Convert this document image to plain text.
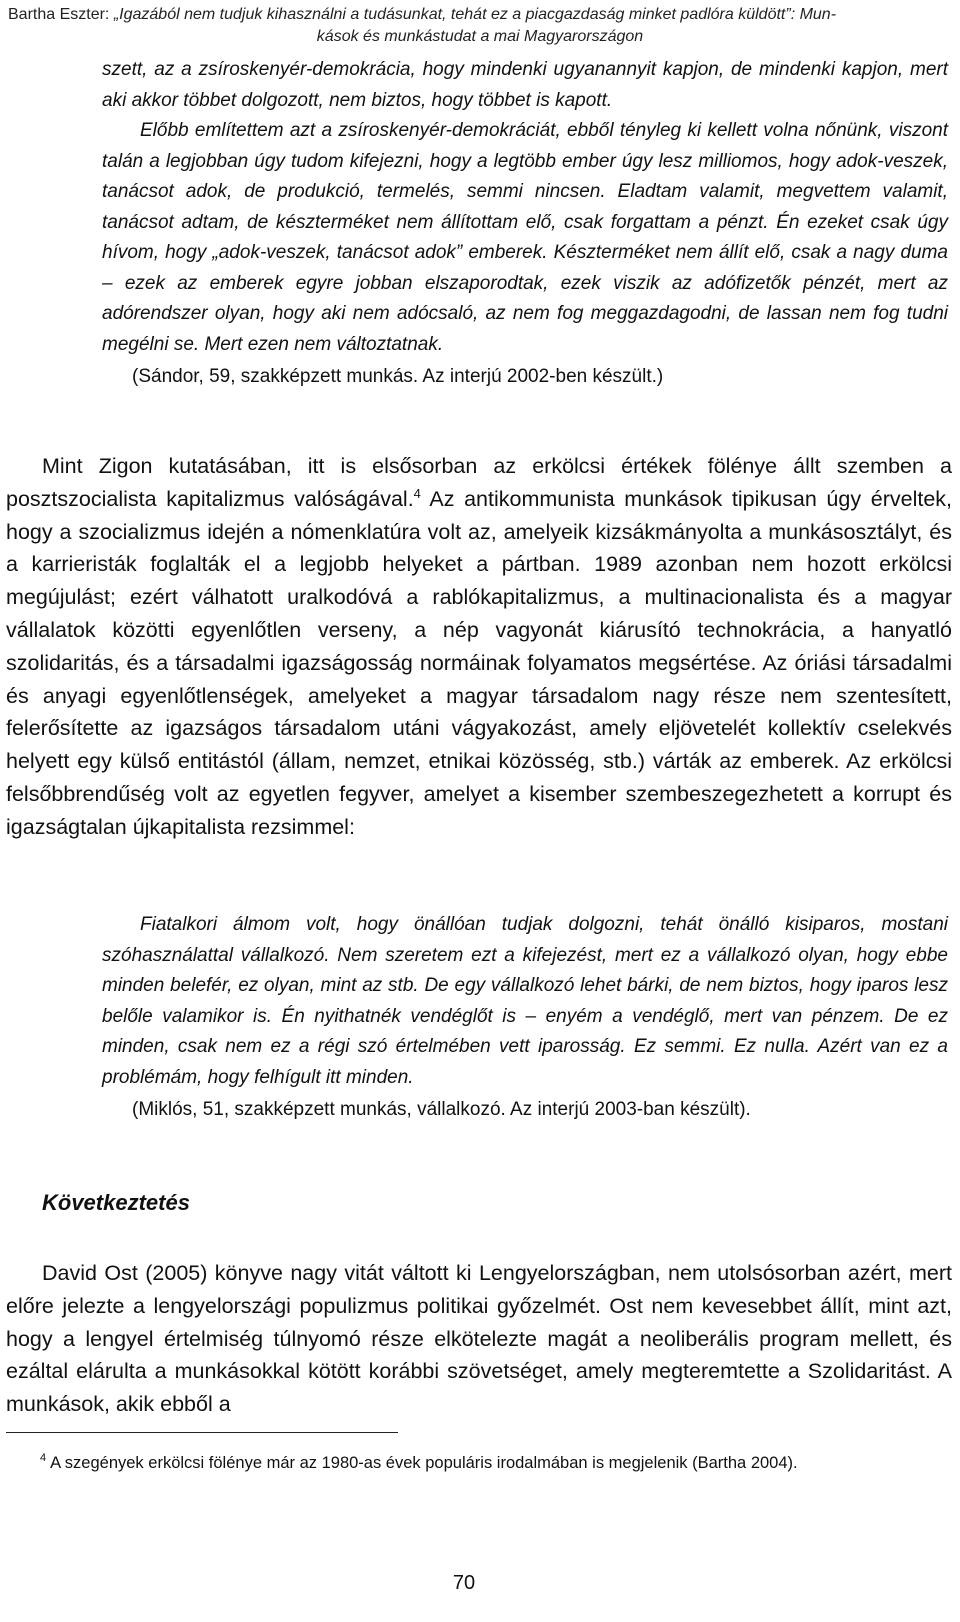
Bartha Eszter: „Igazából nem tudjuk kihasználni a tudásunkat, tehát ez a piacgazdaság minket padlóra küldött”: Mun-
kások és munkástudat a mai Magyarországon

szett, az a zsíroskenyér-demokrácia, hogy mindenki ugyanannyit kapjon, de mindenki kapjon, mert aki akkor többet dolgozott, nem biztos, hogy többet is kapott.

Előbb említettem azt a zsíroskenyér-demokráciát, ebből tényleg ki kellett volna nőnünk, viszont talán a legjobban úgy tudom kifejezni, hogy a legtöbb ember úgy lesz milliomos, hogy adok-veszek, tanácsot adok, de produkció, termelés, semmi nincsen. Eladtam valamit, megvettem valamit, tanácsot adtam, de készterméket nem állítottam elő, csak forgattam a pénzt. Én ezeket csak úgy hívom, hogy „adok-veszek, tanácsot adok” emberek. Készterméket nem állít elő, csak a nagy duma – ezek az emberek egyre jobban elszaporodtak, ezek viszik az adófizetők pénzét, mert az adórendszer olyan, hogy aki nem adócsaló, az nem fog meggazdagodni, de lassan nem fog tudni megélni se. Mert ezen nem változtatnak.

(Sándor, 59, szakképzett munkás. Az interjú 2002-ben készült.)

Mint Zigon kutatásában, itt is elsősorban az erkölcsi értékek fölénye állt szemben a posztszocialista kapitalizmus valóságával.$^4$ Az antikommunista munkások tipikusan úgy érveltek, hogy a szocializmus idején a nómenklatúra volt az, amelyeik kizsákmányolta a munkásosztályt, és a karrieristák foglalták el a legjobb helyeket a pártban. 1989 azonban nem hozott erkölcsi megújulást; ezért válhatott uralkodóvá a rablókapitalizmus, a multinacionalista és a magyar vállalatok közötti egyenlőtlen verseny, a nép vagyonát kiárusító technokrácia, a hanyatló szolidaritás, és a társadalmi igazságosság normáinak folyamatos megsértése. Az óriási társadalmi és anyagi egyenlőtlenségek, amelyeket a magyar társadalom nagy része nem szentesített, felerősítette az igazságos társadalom utáni vágyakozást, amely eljövetelét kollektív cselekvés helyett egy külső entitástól (állam, nemzet, etnikai közösség, stb.) várták az emberek. Az erkölcsi felsőbbrendűség volt az egyetlen fegyver, amelyet a kisember szembeszegezhetett a korrupt és igazságtalan újkapitalista rezsimmel:

Fiatalkori álmom volt, hogy önállóan tudjak dolgozni, tehát önálló kisiparos, mostani szóhasználattal vállalkozó. Nem szeretem ezt a kifejezést, mert ez a vállalkozó olyan, hogy ebbe minden belefér, ez olyan, mint az stb. De egy vállalkozó lehet bárki, de nem biztos, hogy iparos lesz belőle valamikor is. Én nyithatnék vendéglőt is – enyém a vendéglő, mert van pénzem. De ez minden, csak nem ez a régi szó értelmében vett iparosság. Ez semmi. Ez nulla. Azért van ez a problémám, hogy felhígult itt minden.

(Miklós, 51, szakképzett munkás, vállalkozó. Az interjú 2003-ban készült).

Következtetés

David Ost (2005) könyve nagy vitát váltott ki Lengyelországban, nem utolsósorban azért, mert előre jelezte a lengyelországi populizmus politikai győzelmét. Ost nem kevesebbet állít, mint azt, hogy a lengyel értelmiség túlnyomó része elkötelezte magát a neoliberális program mellett, és ezáltal elárulta a munkásokkal kötött korábbi szövetséget, amely megteremtette a Szolidaritást. A munkások, akik ebből a

$^4$ A szegények erkölcsi fölénye már az 1980-as évek populáris irodalmában is megjelenik (Bartha 2004).
70
